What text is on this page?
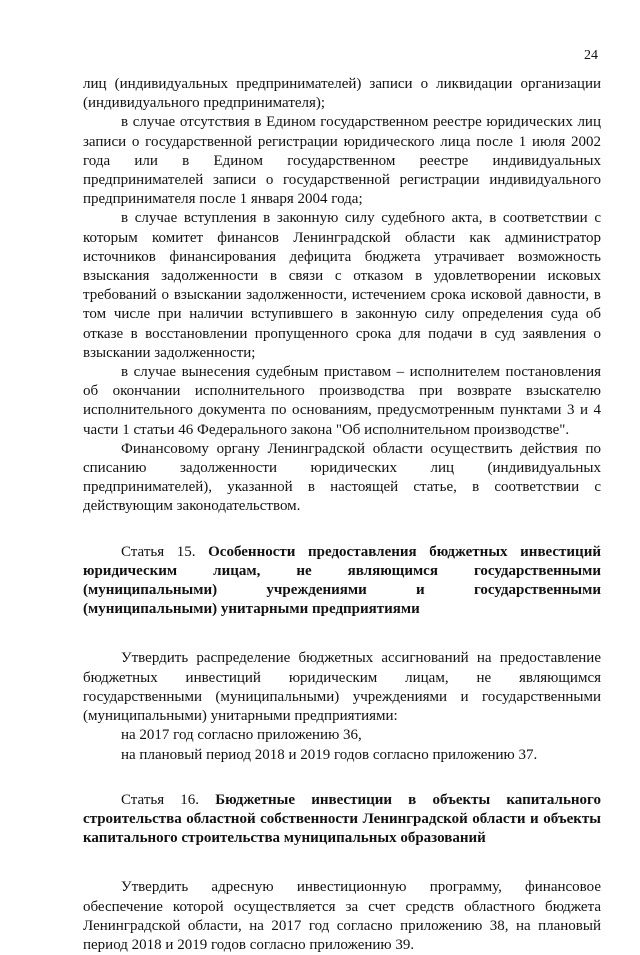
24

лиц (индивидуальных предпринимателей) записи о ликвидации организации (индивидуального предпринимателя);

в случае отсутствия в Едином государственном реестре юридических лиц записи о государственной регистрации юридического лица после 1 июля 2002 года или в Едином государственном реестре индивидуальных предпринимателей записи о государственной регистрации индивидуального предпринимателя после 1 января 2004 года;

в случае вступления в законную силу судебного акта, в соответствии с которым комитет финансов Ленинградской области как администратор источников финансирования дефицита бюджета утрачивает возможность взыскания задолженности в связи с отказом в удовлетворении исковых требований о взыскании задолженности, истечением срока исковой давности, в том числе при наличии вступившего в законную силу определения суда об отказе в восстановлении пропущенного срока для подачи в суд заявления о взыскании задолженности;

в случае вынесения судебным приставом – исполнителем постановления об окончании исполнительного производства при возврате взыскателю исполнительного документа по основаниям, предусмотренным пунктами 3 и 4 части 1 статьи 46 Федерального закона "Об исполнительном производстве".

Финансовому органу Ленинградской области осуществить действия по списанию задолженности юридических лиц (индивидуальных предпринимателей), указанной в настоящей статье, в соответствии с действующим законодательством.

Статья 15. Особенности предоставления бюджетных инвестиций юридическим лицам, не являющимся государственными (муниципальными) учреждениями и государственными (муниципальными) унитарными предприятиями

Утвердить распределение бюджетных ассигнований на предоставление бюджетных инвестиций юридическим лицам, не являющимся государственными (муниципальными) учреждениями и государственными (муниципальными) унитарными предприятиями:

на 2017 год согласно приложению 36,

на плановый период 2018 и 2019 годов согласно приложению 37.

Статья 16. Бюджетные инвестиции в объекты капитального строительства областной собственности Ленинградской области и объекты капитального строительства муниципальных образований

Утвердить адресную инвестиционную программу, финансовое обеспечение которой осуществляется за счет средств областного бюджета Ленинградской области, на 2017 год согласно приложению 38, на плановый период 2018 и 2019 годов согласно приложению 39.
